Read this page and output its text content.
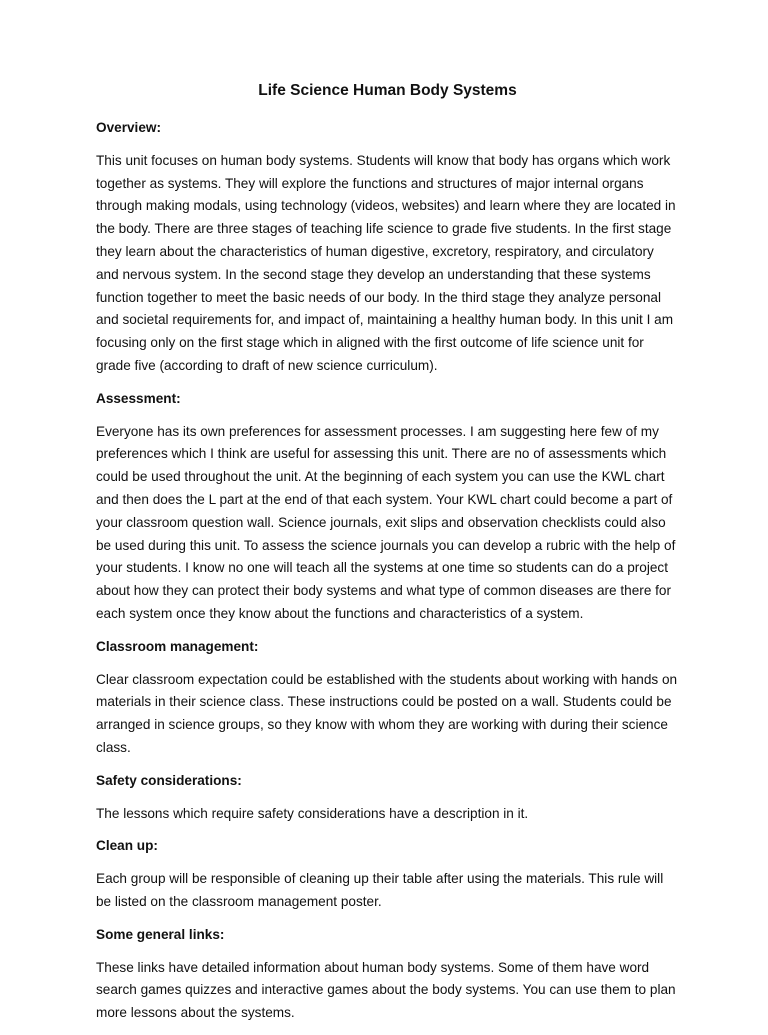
Life Science Human Body Systems

Overview:

This unit focuses on human body systems. Students will know that body has organs which work together as systems. They will explore the functions and structures of major internal organs through making modals, using technology (videos, websites) and learn where they are located in the body. There are three stages of teaching life science to grade five students. In the first stage they learn about the characteristics of human digestive, excretory, respiratory, and circulatory and nervous system. In the second stage they develop an understanding that these systems function together to meet the basic needs of our body. In the third stage they analyze personal and societal requirements for, and impact of, maintaining a healthy human body. In this unit I am focusing only on the first stage which in aligned with the first outcome of life science unit for grade five (according to draft of new science curriculum).

Assessment:

Everyone has its own preferences for assessment processes. I am suggesting here few of my preferences which I think are useful for assessing this unit. There are no of assessments which could be used throughout the unit. At the beginning of each system you can use the KWL chart and then does the L part at the end of that each system. Your KWL chart could become a part of your classroom question wall. Science journals, exit slips and observation checklists could also be used during this unit. To assess the science journals you can develop a rubric with the help of your students. I know no one will teach all the systems at one time so students can do a project about how they can protect their body systems and what type of common diseases are there for each system once they know about the functions and characteristics of a system.

Classroom management:

Clear classroom expectation could be established with the students about working with hands on materials in their science class. These instructions could be posted on a wall. Students could be arranged in science groups, so they know with whom they are working with during their science class.

Safety considerations:

The lessons which require safety considerations have a description in it.

Clean up:

Each group will be responsible of cleaning up their table after using the materials. This rule will be listed on the classroom management poster.

Some general links:

These links have detailed information about human body systems. Some of them have word search games quizzes and interactive games about the body systems. You can use them to plan more lessons about the systems.
